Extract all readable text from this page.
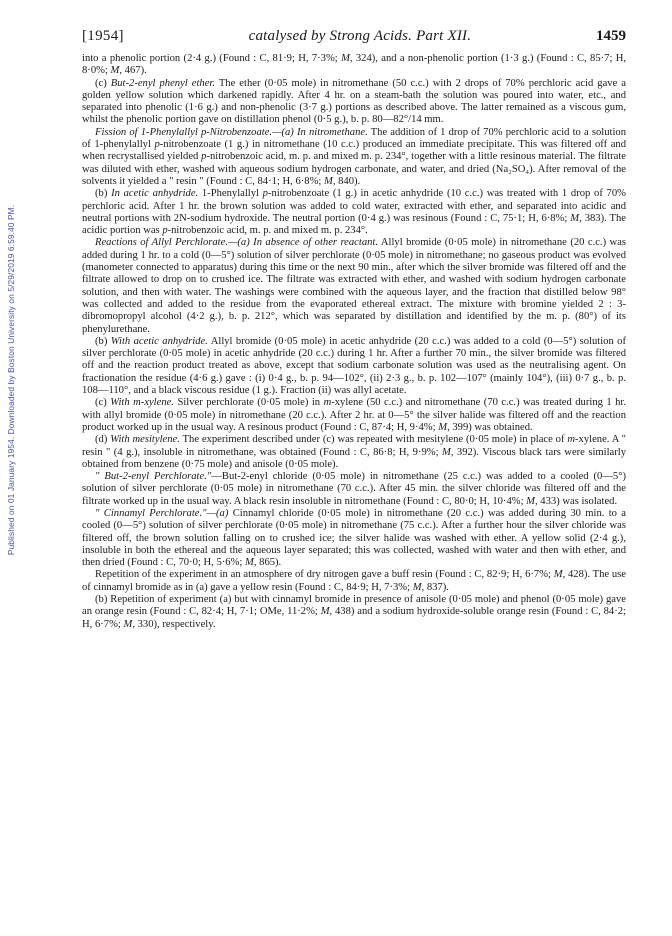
Published on 01 January 1954. Downloaded by Boston University on 5/29/2019 6:59:40 PM.
[1954]	catalysed by Strong Acids. Part XII.	1459

into a phenolic portion (2·4 g.) (Found : C, 81·9; H, 7·3%; M, 324), and a non-phenolic portion (1·3 g.) (Found : C, 85·7; H, 8·0%; M, 467).

(c) But-2-enyl phenyl ether. The ether (0·05 mole) in nitromethane (50 c.c.) with 2 drops of 70% perchloric acid gave a golden yellow solution which darkened rapidly. After 4 hr. on a steam-bath the solution was poured into water, etc., and separated into phenolic (1·6 g.) and non-phenolic (3·7 g.) portions as described above. The latter remained as a viscous gum, whilst the phenolic portion gave on distillation phenol (0·5 g.), b. p. 80—82°/14 mm.

Fission of 1-Phenylallyl p-Nitrobenzoate.—(a) In nitromethane. The addition of 1 drop of 70% perchloric acid to a solution of 1-phenylallyl p-nitrobenzoate (1 g.) in nitromethane (10 c.c.) produced an immediate precipitate. This was filtered off and when recrystallised yielded p-nitrobenzoic acid, m. p. and mixed m. p. 234°, together with a little resinous material. The filtrate was diluted with ether, washed with aqueous sodium hydrogen carbonate, and water, and dried (Na₂SO₄). After removal of the solvents it yielded a " resin " (Found : C, 84·1; H, 6·8%; M, 840).

(b) In acetic anhydride. 1-Phenylallyl p-nitrobenzoate (1 g.) in acetic anhydride (10 c.c.) was treated with 1 drop of 70% perchloric acid. After 1 hr. the brown solution was added to cold water, extracted with ether, and separated into acidic and neutral portions with 2N-sodium hydroxide. The neutral portion (0·4 g.) was resinous (Found : C, 75·1; H, 6·8%; M, 383). The acidic portion was p-nitrobenzoic acid, m. p. and mixed m. p. 234°.

Reactions of Allyl Perchlorate.—(a) In absence of other reactant. Allyl bromide (0·05 mole) in nitromethane (20 c.c.) was added during 1 hr. to a cold (0—5°) solution of silver perchlorate (0·05 mole) in nitromethane; no gaseous product was evolved (manometer connected to apparatus) during this time or the next 90 min., after which the silver bromide was filtered off and the filtrate allowed to drop on to crushed ice. The filtrate was extracted with ether, and washed with sodium hydrogen carbonate solution, and then with water. The washings were combined with the aqueous layer, and the fraction that distilled below 98° was collected and added to the residue from the evaporated ethereal extract. The mixture with bromine yielded 2 : 3-dibromopropyl alcohol (4·2 g.), b. p. 212°, which was separated by distillation and identified by the m. p. (80°) of its phenylurethane.

(b) With acetic anhydride. Allyl bromide (0·05 mole) in acetic anhydride (20 c.c.) was added to a cold (0—5°) solution of silver perchlorate (0·05 mole) in acetic anhydride (20 c.c.) during 1 hr. After a further 70 min., the silver bromide was filtered off and the reaction product treated as above, except that sodium carbonate solution was used as the neutralising agent. On fractionation the residue (4·6 g.) gave : (i) 0·4 g., b. p. 94—102°, (ii) 2·3 g., b. p. 102—107° (mainly 104°), (iii) 0·7 g., b. p. 108—110°, and a black viscous residue (1 g.). Fraction (ii) was allyl acetate.

(c) With m-xylene. Silver perchlorate (0·05 mole) in m-xylene (50 c.c.) and nitromethane (70 c.c.) was treated during 1 hr. with allyl bromide (0·05 mole) in nitromethane (20 c.c.). After 2 hr. at 0—5° the silver halide was filtered off and the reaction product worked up in the usual way. A resinous product (Found : C, 87·4; H, 9·4%; M, 399) was obtained.

(d) With mesitylene. The experiment described under (c) was repeated with mesitylene (0·05 mole) in place of m-xylene. A " resin " (4 g.), insoluble in nitromethane, was obtained (Found : C, 86·8; H, 9·9%; M, 392). Viscous black tars were similarly obtained from benzene (0·75 mole) and anisole (0·05 mole).

" But-2-enyl Perchlorate."—But-2-enyl chloride (0·05 mole) in nitromethane (25 c.c.) was added to a cooled (0—5°) solution of silver perchlorate (0·05 mole) in nitromethane (70 c.c.). After 45 min. the silver chloride was filtered off and the filtrate worked up in the usual way. A black resin insoluble in nitromethane (Found : C, 80·0; H, 10·4%; M, 433) was isolated.

" Cinnamyl Perchlorate."—(a) Cinnamyl chloride (0·05 mole) in nitromethane (20 c.c.) was added during 30 min. to a cooled (0—5°) solution of silver perchlorate (0·05 mole) in nitromethane (75 c.c.). After a further hour the silver chloride was filtered off, the brown solution falling on to crushed ice; the silver halide was washed with ether. A yellow solid (2·4 g.), insoluble in both the ethereal and the aqueous layer separated; this was collected, washed with water and then with ether, and then dried (Found : C, 70·0; H, 5·6%; M, 865).

Repetition of the experiment in an atmosphere of dry nitrogen gave a buff resin (Found : C, 82·9; H, 6·7%; M, 428). The use of cinnamyl bromide as in (a) gave a yellow resin (Found : C, 84·9; H, 7·3%; M, 837).

(b) Repetition of experiment (a) but with cinnamyl bromide in presence of anisole (0·05 mole) and phenol (0·05 mole) gave an orange resin (Found : C, 82·4; H, 7·1; OMe, 11·2%; M, 438) and a sodium hydroxide-soluble orange resin (Found : C, 84·2; H, 6·7%; M, 330), respectively.
